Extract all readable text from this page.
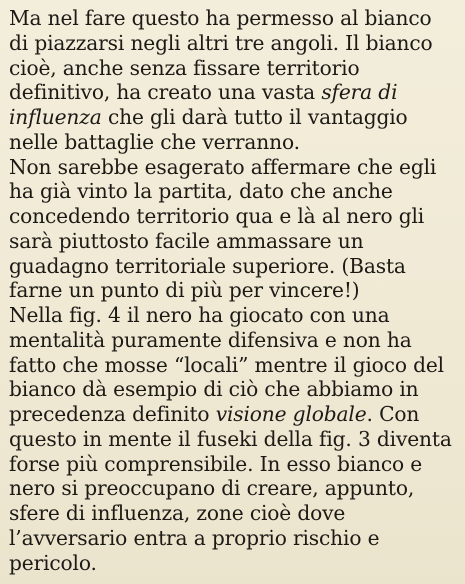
Ma nel fare questo ha permesso al bianco
di piazzarsi negli altri tre angoli. Il bianco
cioè, anche senza fissare territorio
definitivo, ha creato una vasta sfera di
influenza che gli darà tutto il vantaggio
nelle battaglie che verranno.
Non sarebbe esagerato affermare che egli
ha già vinto la partita, dato che anche
concedendo territorio qua e là al nero gli
sarà piuttosto facile ammassare un
guadagno territoriale superiore. (Basta
farne un punto di più per vincere!)
Nella fig. 4 il nero ha giocato con una
mentalità puramente difensiva e non ha
fatto che mosse “locali” mentre il gioco del
bianco dà esempio di ciò che abbiamo in
precedenza definito visione globale. Con
questo in mente il fuseki della fig. 3 diventa
forse più comprensibile. In esso bianco e
nero si preoccupano di creare, appunto,
sfere di influenza, zone cioè dove
l’avversario entra a proprio rischio e
pericolo.
